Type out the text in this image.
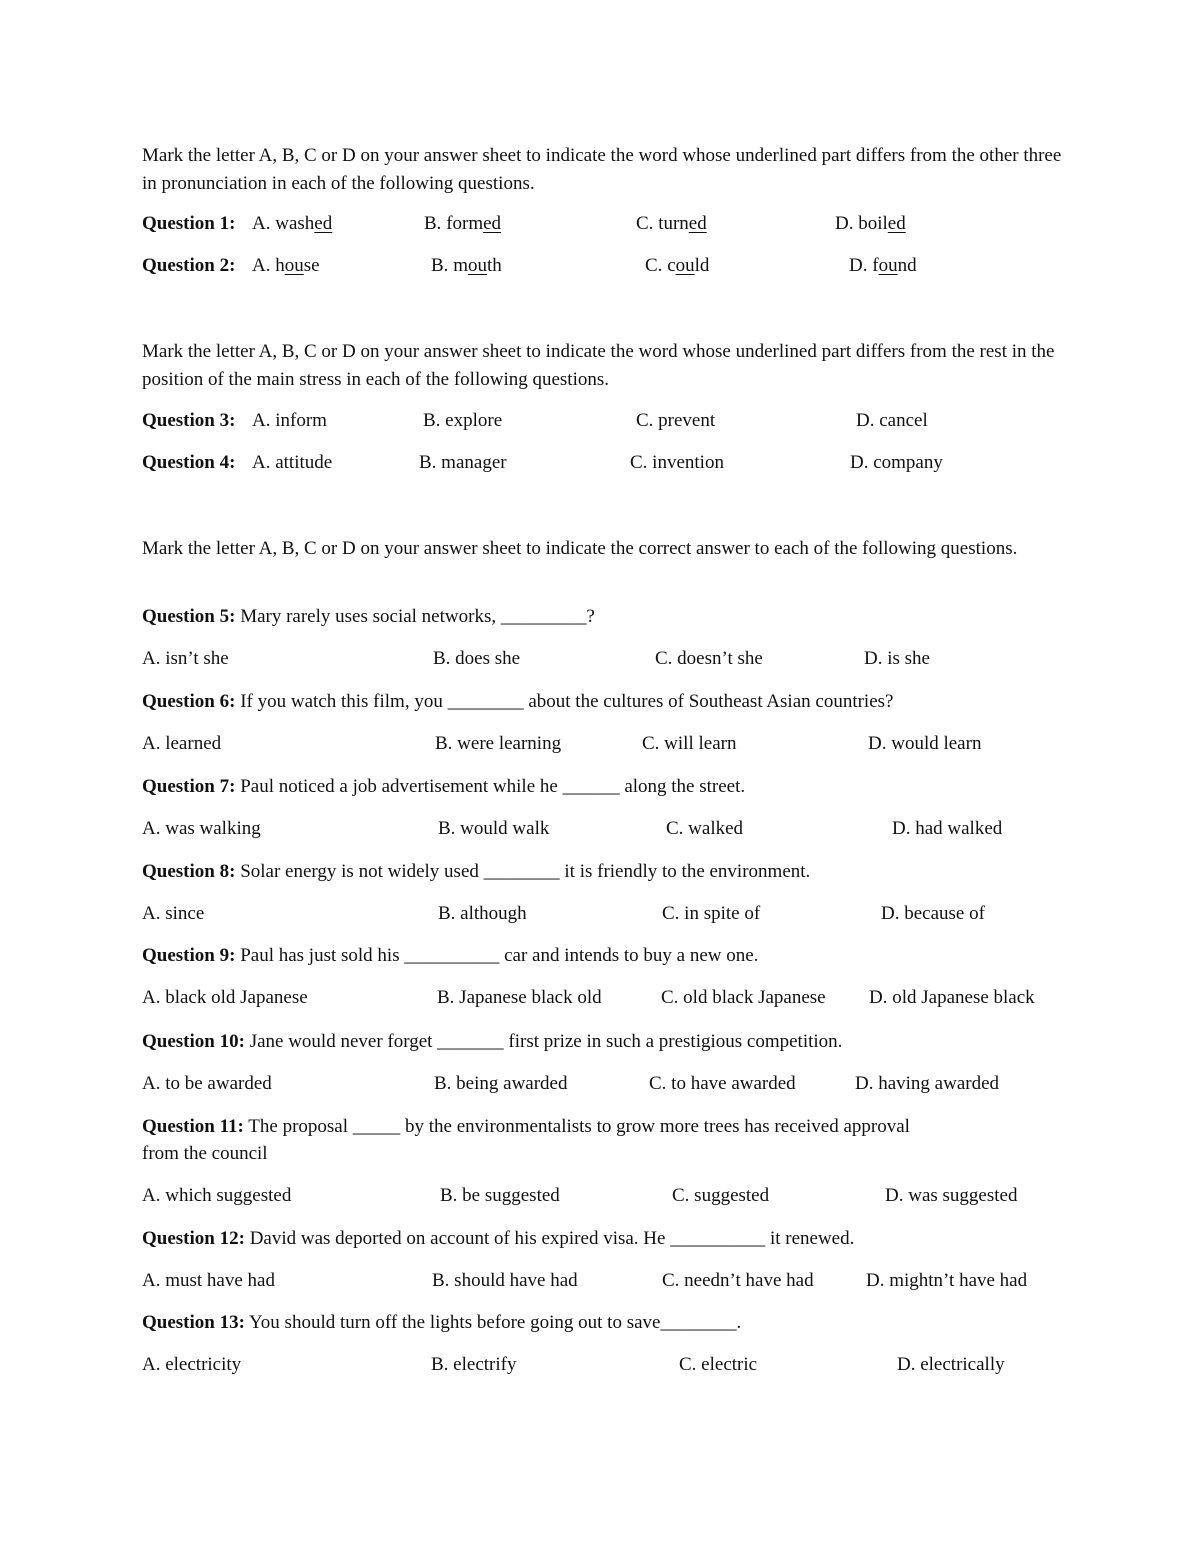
Mark the letter A, B, C or D on your answer sheet to indicate the word whose underlined part differs from the other three in pronunciation in each of the following questions.
Question 1: A. washed	B. formed	C. turned	D. boiled
Question 2: A. house	B. mouth	C. could	D. found
Mark the letter A, B, C or D on your answer sheet to indicate the word whose underlined part differs from the rest in the position of the main stress in each of the following questions.
Question 3: A. inform	B. explore	C. prevent	D. cancel
Question 4: A. attitude	B. manager	C. invention	D. company
Mark the letter A, B, C or D on your answer sheet to indicate the correct answer to each of the following questions.
Question 5: Mary rarely uses social networks, _________?
A. isn’t she	B. does she	C. doesn’t she	D. is she
Question 6: If you watch this film, you ________ about the cultures of Southeast Asian countries?
A. learned	B. were learning	C. will learn	D. would learn
Question 7: Paul noticed a job advertisement while he ______ along the street.
A. was walking	B. would walk	C. walked	D. had walked
Question 8: Solar energy is not widely used ________ it is friendly to the environment.
A. since	B. although	C. in spite of	D. because of
Question 9: Paul has just sold his __________ car and intends to buy a new one.
A. black old Japanese	B. Japanese black old	C. old black Japanese D. old Japanese black
Question 10: Jane would never forget _______ first prize in such a prestigious competition.
A. to be awarded	B. being awarded	C. to have awarded	D. having awarded
Question 11: The proposal _____ by the environmentalists to grow more trees has received approval
from the council
A. which suggested	B. be suggested	C. suggested	D. was suggested
Question 12: David was deported on account of his expired visa. He __________ it renewed.
A. must have had	B. should have had	C. needn’t have had	D. mightn’t have had
Question 13: You should turn off the lights before going out to save________.
A. electricity	B. electrify	C. electric	D. electrically
